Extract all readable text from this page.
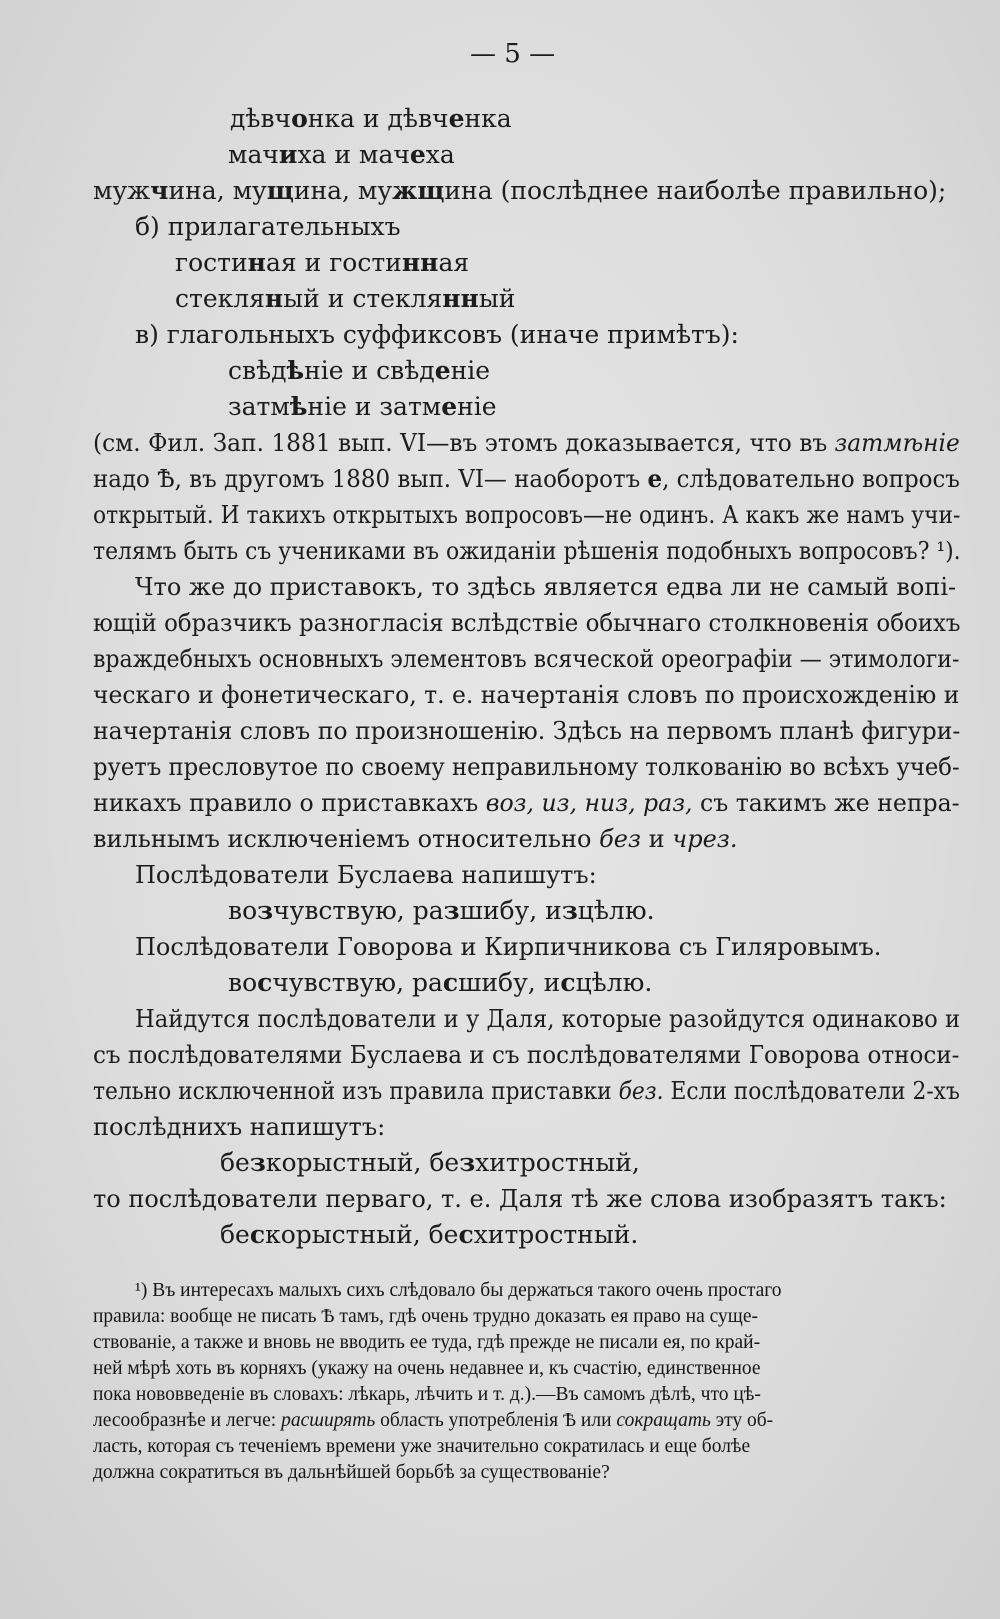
— 5 —
дѣвчонка и дѣвченка
мачиха и мачеха
мужчина, мущина, мужщина (послѣднее наиболѣе правильно);
б) прилагательныхъ
гостиная и гостинная
стекляный и стеклянный
в) глагольныхъ суффиксовъ (иначе примѣтъ):
свѣдѣніе и свѣденіе
затмѣніе и затменіе
(см. Фил. Зап. 1881 вып. VI—въ этомъ доказывается, что въ затмѣніе
надо Ѣ, въ другомъ 1880 вып. VI— наоборотъ е, слѣдовательно вопросъ
открытый. И такихъ открытыхъ вопросовъ—не одинъ. А какъ же намъ учи-
телямъ быть съ учениками въ ожиданіи рѣшенія подобныхъ вопросовъ? ¹).
Что же до приставокъ, то здѣсь является едва ли не самый вопі-
ющій образчикъ разногласія вслѣдствіе обычнаго столкновенія обоихъ
враждебныхъ основныхъ элементовъ всяческой ореографіи — этимологи-
ческаго и фонетическаго, т. е. начертанія словъ по происхожденію и
начертанія словъ по произношенію. Здѣсь на первомъ планѣ фигури-
руетъ пресловутое по своему неправильному толкованію во всѣхъ учеб-
никахъ правило о приставкахъ воз, из, низ, раз, съ такимъ же непра-
вильнымъ исключеніемъ относительно без и чрез.
Послѣдователи Буслаева напишутъ:
возчувствую, разшибу, изцѣлю.
Послѣдователи Говорова и Кирпичникова съ Гиляровымъ.
восчувствую, расшибу, исцѣлю.
Найдутся послѣдователи и у Даля, которые разойдутся одинаково и
съ послѣдователями Буслаева и съ послѣдователями Говорова относи-
тельно исключенной изъ правила приставки без. Если послѣдователи 2-хъ
послѣднихъ напишутъ:
безкорыстный, безхитростный,
то послѣдователи перваго, т. е. Даля тѣ же слова изобразятъ такъ:
бескорыстный, бесхитростный.
¹) Въ интересахъ малыхъ сихъ слѣдовало бы держаться такого очень простаго
правила: вообще не писать Ѣ тамъ, гдѣ очень трудно доказать ея право на суще-
ствованіе, а также и вновь не вводить ее туда, гдѣ прежде не писали ея, по край-
ней мѣрѣ хоть въ корняхъ (укажу на очень недавнее и, къ счастію, единственное
пока нововведеніе въ словахъ: лѣкарь, лѣчить и т. д.).—Въ самомъ дѣлѣ, что цѣ-
лесообразнѣе и легче: расширять область употребленія Ѣ или сокращать эту об-
ласть, которая съ теченіемъ времени уже значительно сократилась и еще болѣе
должна сократиться въ дальнѣйшей борьбѣ за существованіе?
